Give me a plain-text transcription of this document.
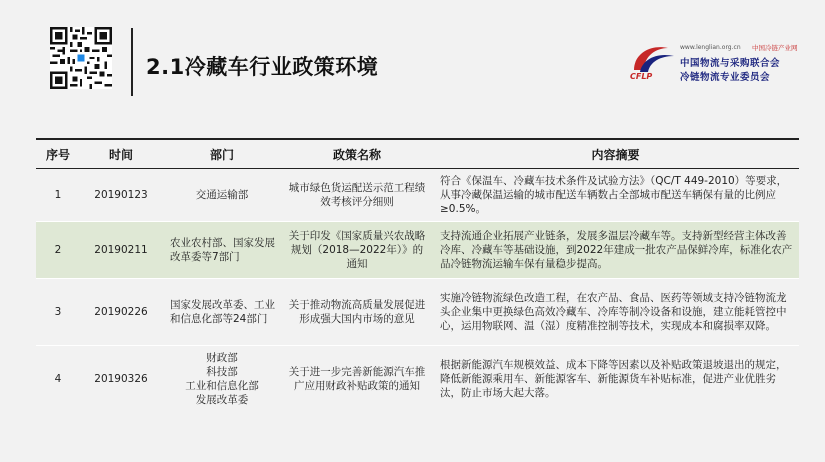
2.1冷藏车行业政策环境	CFLP
www.lenglian.org.cn 中国冷链产业网
中国物流与采购联合会
冷链物流专业委员会
序号	时间	部门	政策名称	内容摘要
1	20190123	交通运输部	城市绿色货运配送示范工程绩效考核评分细则	符合《保温车、冷藏车技术条件及试验方法》（QC/T 449-2010）等要求，从事冷藏保温运输的城市配送车辆数占全部城市配送车辆保有量的比例应≥0.5%。
2	20190211	农业农村部、国家发展改革委等7部门	关于印发《国家质量兴农战略规划（2018—2022年）》的通知	支持流通企业拓展产业链条，发展多温层冷藏车等。支持新型经营主体改善冷库、冷藏车等基础设施，到2022年建成一批农产品保鲜冷库，标准化农产品冷链物流运输车保有量稳步提高。
3	20190226	国家发展改革委、工业和信息化部等24部门	关于推动物流高质量发展促进形成强大国内市场的意见	实施冷链物流绿色改造工程，在农产品、食品、医药等领域支持冷链物流龙头企业集中更换绿色高效冷藏车、冷库等制冷设备和设施，建立能耗管控中心，运用物联网、温（湿）度精准控制等技术，实现成本和腐损率双降。
4	20190326	财政部
科技部
工业和信息化部
发展改革委	关于进一步完善新能源汽车推广应用财政补贴政策的通知	根据新能源汽车规模效益、成本下降等因素以及补贴政策退坡退出的规定，降低新能源乘用车、新能源客车、新能源货车补贴标准，促进产业优胜劣汰，防止市场大起大落。
